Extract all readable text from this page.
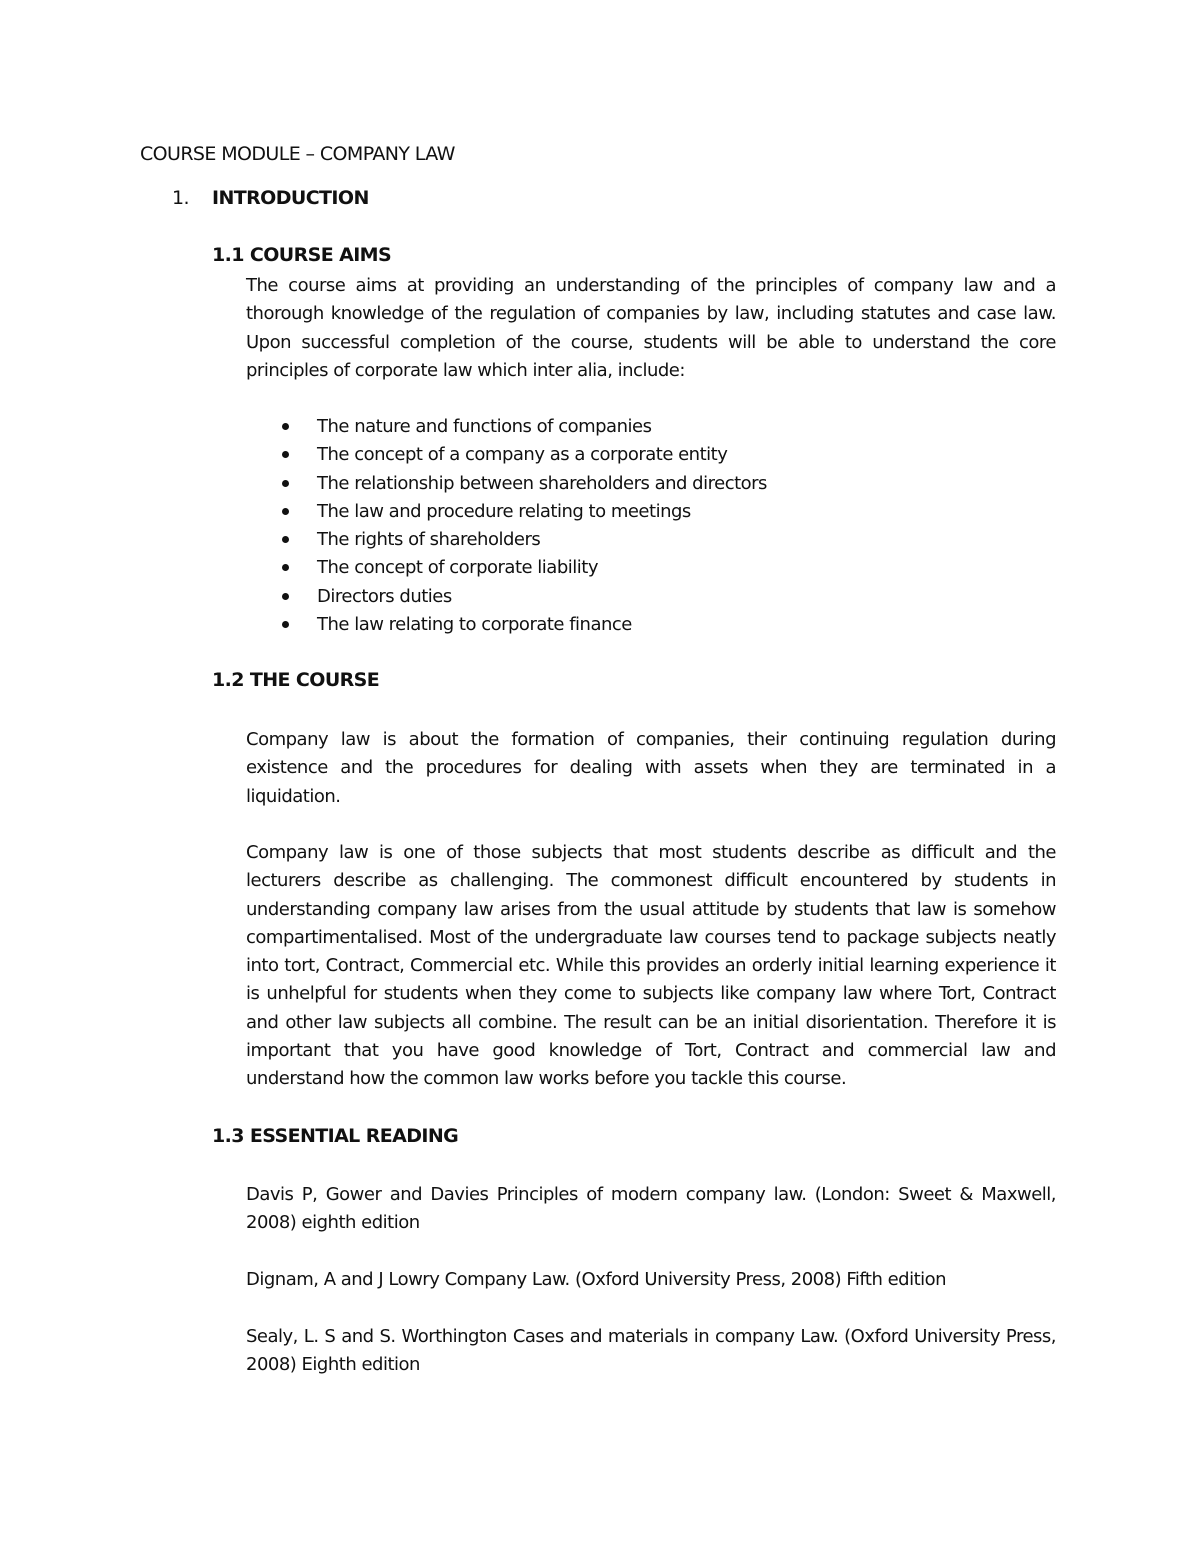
COURSE MODULE – COMPANY LAW
1. INTRODUCTION
1.1 COURSE AIMS

The course aims at providing an understanding of the principles of company law and a thorough knowledge of the regulation of companies by law, including statutes and case law. Upon successful completion of the course, students will be able to understand the core principles of corporate law which inter alia, include:

The nature and functions of companies
The concept of a company as a corporate entity
The relationship between shareholders and directors
The law and procedure relating to meetings
The rights of shareholders
The concept of corporate liability
Directors duties
The law relating to corporate finance
1.2 THE COURSE

Company law is about the formation of companies, their continuing regulation during existence and the procedures for dealing with assets when they are terminated in a liquidation.

Company law is one of those subjects that most students describe as difficult and the lecturers describe as challenging. The commonest difficult encountered by students in understanding company law arises from the usual attitude by students that law is somehow compartimentalised. Most of the undergraduate law courses tend to package subjects neatly into tort, Contract, Commercial etc. While this provides an orderly initial learning experience it is unhelpful for students when they come to subjects like company law where Tort, Contract and other law subjects all combine. The result can be an initial disorientation. Therefore it is important that you have good knowledge of Tort, Contract and commercial law and understand how the common law works before you tackle this course.

1.3 ESSENTIAL READING

Davis P, Gower and Davies Principles of modern company law. (London: Sweet & Maxwell, 2008) eighth edition

Dignam, A and J Lowry Company Law. (Oxford University Press, 2008) Fifth edition

Sealy, L. S and S. Worthington Cases and materials in company Law. (Oxford University Press, 2008) Eighth edition
